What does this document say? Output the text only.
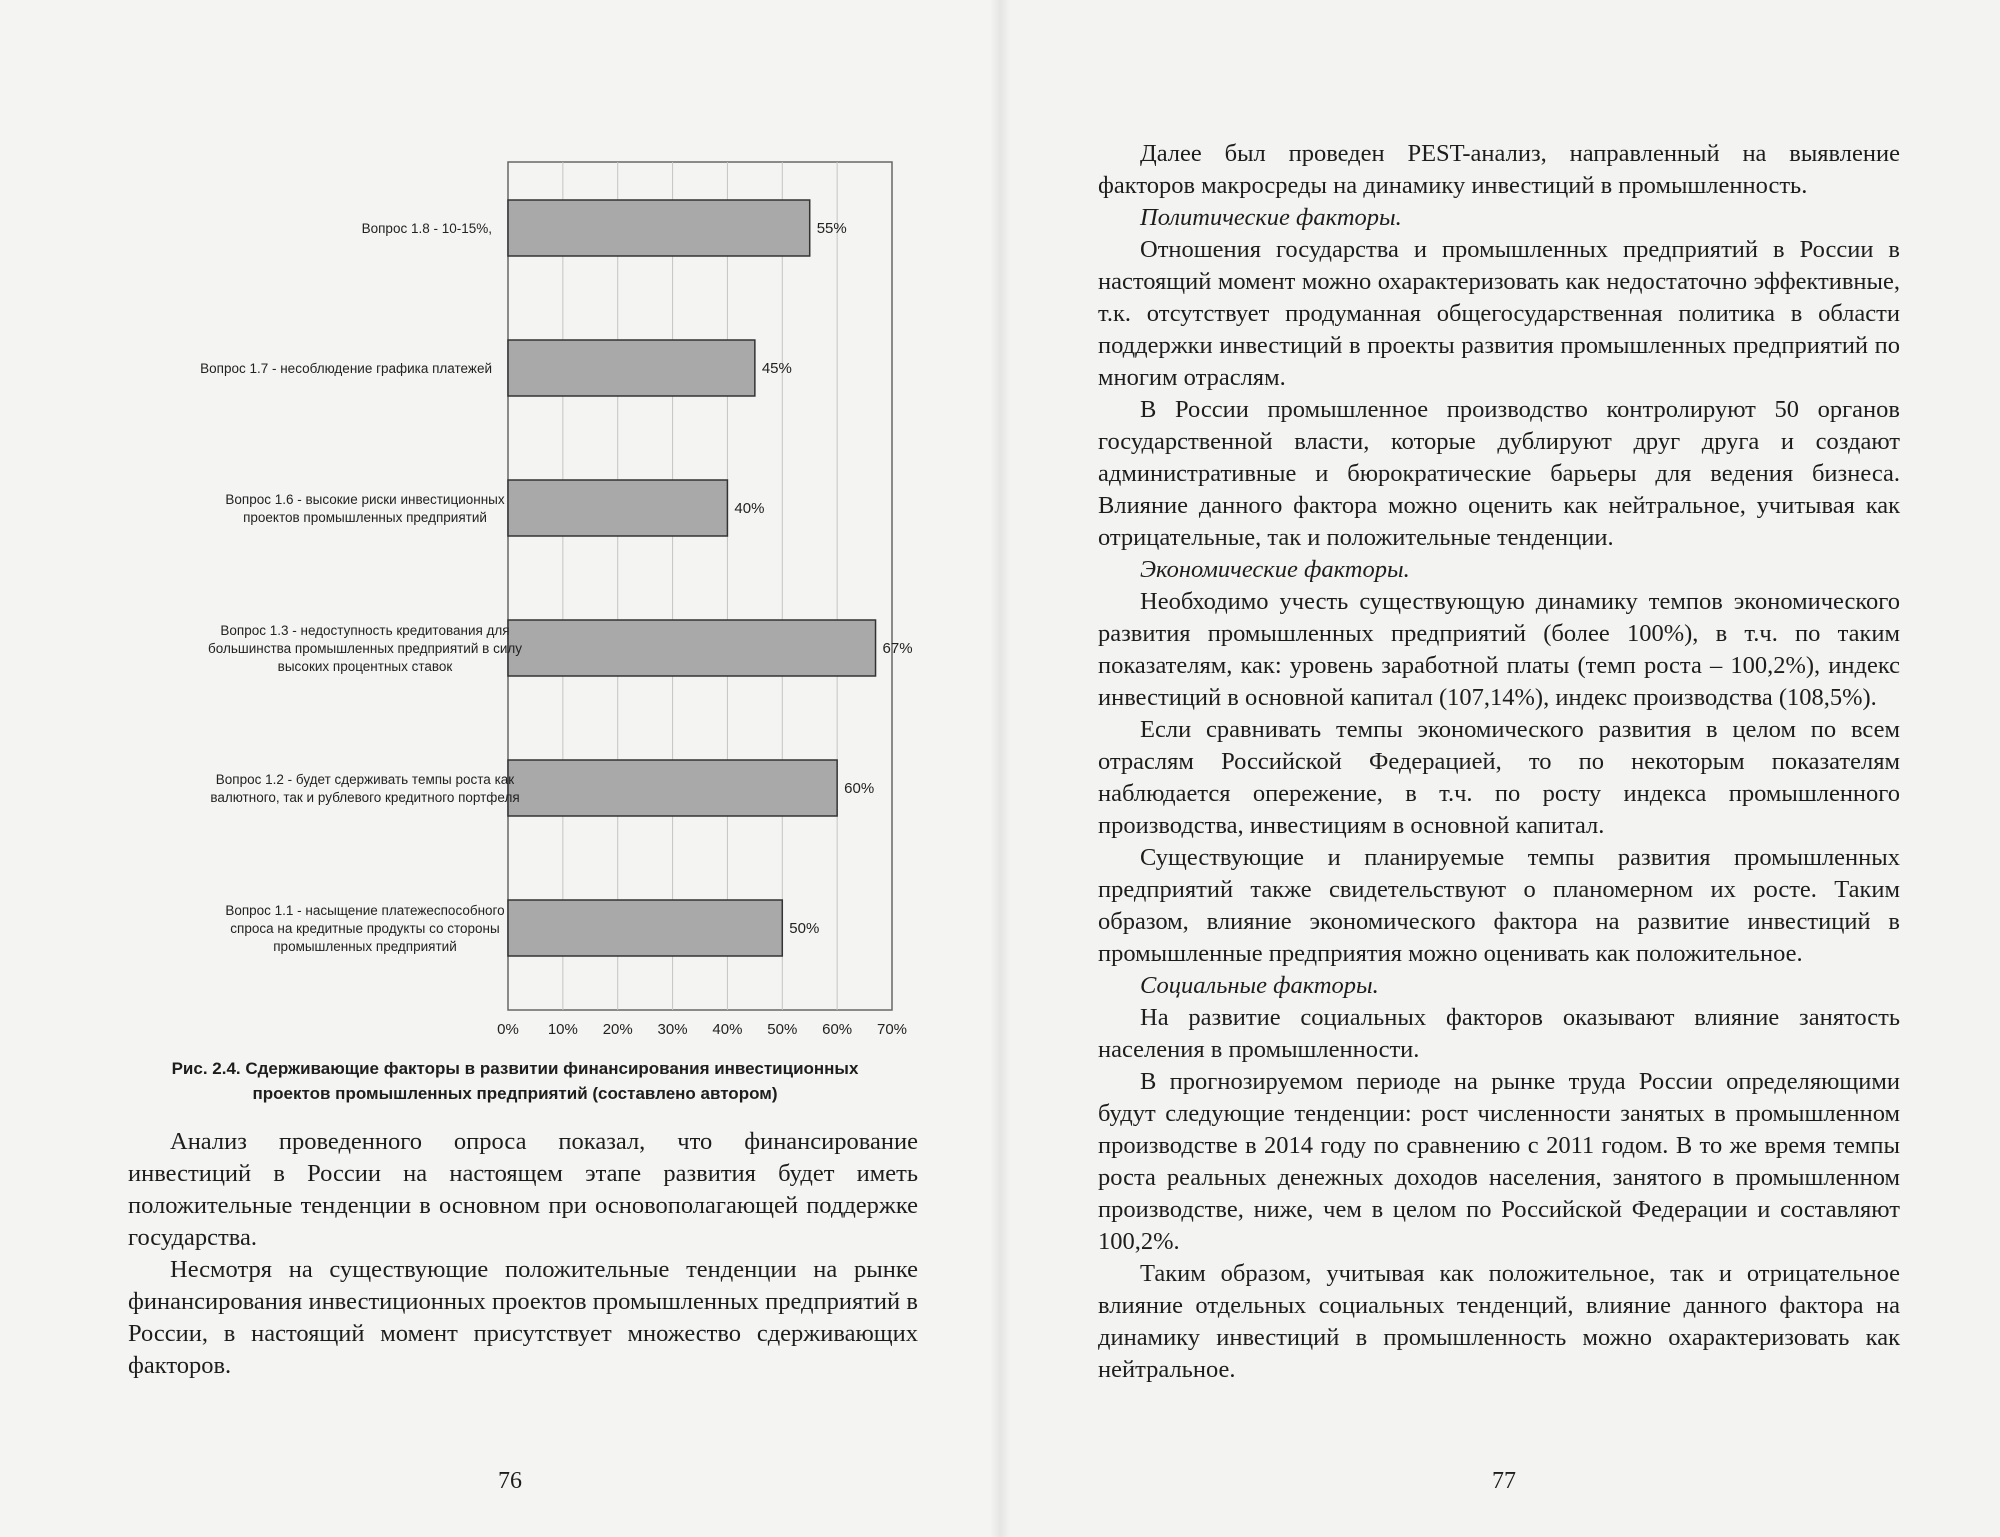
Вопрос 1.8 - 10-15%,
Вопрос 1.7 - несоблюдение графика платежей
Вопрос 1.6 - высокие риски инвестиционных проектов промышленных предприятий
Вопрос 1.3 - недоступность кредитования для большинства промышленных предприятий в силу высоких процентных ставок
Вопрос 1.2 - будет сдерживать темпы роста как валютного, так и рублевого кредитного портфеля
Вопрос 1.1 - насыщение платежеспособного спроса на кредитные продукты со стороны промышленных предприятий
55%
45%
40%
67%
60%
50%
0% 10% 20% 30% 40% 50% 60% 70%
Рис. 2.4. Сдерживающие факторы в развитии финансирования инвестиционных
проектов промышленных предприятий (составлено автором)

Анализ проведенного опроса показал, что финансирование инвестиций в России на настоящем этапе развития будет иметь положительные тенденции в основном при основополагающей поддержке государства.

Несмотря на существующие положительные тенденции на рынке финансирования инвестиционных проектов промышленных предприятий в России, в настоящий момент присутствует множество сдерживающих факторов.

76

Далее был проведен PEST-анализ, направленный на выявление факторов макросреды на динамику инвестиций в промышленность.

Политические факторы.

Отношения государства и промышленных предприятий в России в настоящий момент можно охарактеризовать как недостаточно эффективные, т.к. отсутствует продуманная общегосударственная политика в области поддержки инвестиций в проекты развития промышленных предприятий по многим отраслям.

В России промышленное производство контролируют 50 органов государственной власти, которые дублируют друг друга и создают административные и бюрократические барьеры для ведения бизнеса. Влияние данного фактора можно оценить как нейтральное, учитывая как отрицательные, так и положительные тенденции.

Экономические факторы.

Необходимо учесть существующую динамику темпов экономического развития промышленных предприятий (более 100%), в т.ч. по таким показателям, как: уровень заработной платы (темп роста – 100,2%), индекс инвестиций в основной капитал (107,14%), индекс производства (108,5%).

Если сравнивать темпы экономического развития в целом по всем отраслям Российской Федерацией, то по некоторым показателям наблюдается опережение, в т.ч. по росту индекса промышленного производства, инвестициям в основной капитал.

Существующие и планируемые темпы развития промышленных предприятий также свидетельствуют о планомерном их росте. Таким образом, влияние экономического фактора на развитие инвестиций в промышленные предприятия можно оценивать как положительное.

Социальные факторы.

На развитие социальных факторов оказывают влияние занятость населения в промышленности.

В прогнозируемом периоде на рынке труда России определяющими будут следующие тенденции: рост численности занятых в промышленном производстве в 2014 году по сравнению с 2011 годом. В то же время темпы роста реальных денежных доходов населения, занятого в промышленном производстве, ниже, чем в целом по Российской Федерации и составляют 100,2%.

Таким образом, учитывая как положительное, так и отрицательное влияние отдельных социальных тенденций, влияние данного фактора на динамику инвестиций в промышленность можно охарактеризовать как нейтральное.

77
